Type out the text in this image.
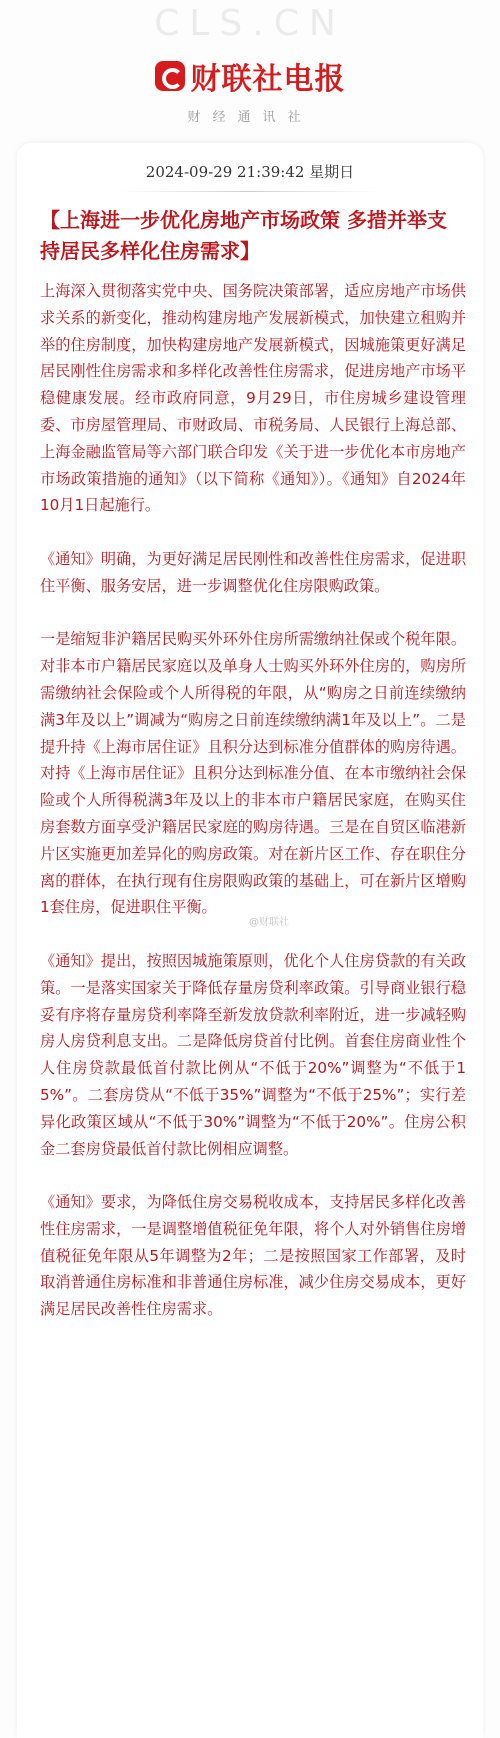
CLS.CN
财联社电报
财经通讯社
2024-09-29 21:39:42 星期日
【上海进一步优化房地产市场政策 多措并举支持居民多样化住房需求】

上海深入贯彻落实党中央、国务院决策部署，适应房地产市场供求关系的新变化，推动构建房地产发展新模式，加快建立租购并举的住房制度，加快构建房地产发展新模式，因城施策更好满足居民刚性住房需求和多样化改善性住房需求，促进房地产市场平稳健康发展。经市政府同意，9月29日，市住房城乡建设管理委、市房屋管理局、市财政局、市税务局、人民银行上海总部、上海金融监管局等六部门联合印发《关于进一步优化本市房地产市场政策措施的通知》（以下简称《通知》）。《通知》自2024年10月1日起施行。

《通知》明确，为更好满足居民刚性和改善性住房需求，促进职住平衡、服务安居，进一步调整优化住房限购政策。

一是缩短非沪籍居民购买外环外住房所需缴纳社保或个税年限。对非本市户籍居民家庭以及单身人士购买外环外住房的，购房所需缴纳社会保险或个人所得税的年限，从“购房之日前连续缴纳满3年及以上”调减为“购房之日前连续缴纳满1年及以上”。二是提升持《上海市居住证》且积分达到标准分值群体的购房待遇。对持《上海市居住证》且积分达到标准分值、在本市缴纳社会保险或个人所得税满3年及以上的非本市户籍居民家庭，在购买住房套数方面享受沪籍居民家庭的购房待遇。三是在自贸区临港新片区实施更加差异化的购房政策。对在新片区工作、存在职住分离的群体，在执行现有住房限购政策的基础上，可在新片区增购1套住房，促进职住平衡。

《通知》提出，按照因城施策原则，优化个人住房贷款的有关政策。一是落实国家关于降低存量房贷利率政策。引导商业银行稳妥有序将存量房贷利率降至新发放贷款利率附近，进一步减轻购房人房贷利息支出。二是降低房贷首付比例。首套住房商业性个人住房贷款最低首付款比例从“不低于20%”调整为“不低于15%”。二套房贷从“不低于35%”调整为“不低于25%”；实行差异化政策区域从“不低于30%”调整为“不低于20%”。住房公积金二套房贷最低首付款比例相应调整。

《通知》要求，为降低住房交易税收成本，支持居民多样化改善性住房需求，一是调整增值税征免年限，将个人对外销售住房增值税征免年限从5年调整为2年；二是按照国家工作部署，及时取消普通住房标准和非普通住房标准，减少住房交易成本，更好满足居民改善性住房需求。

@财联社
